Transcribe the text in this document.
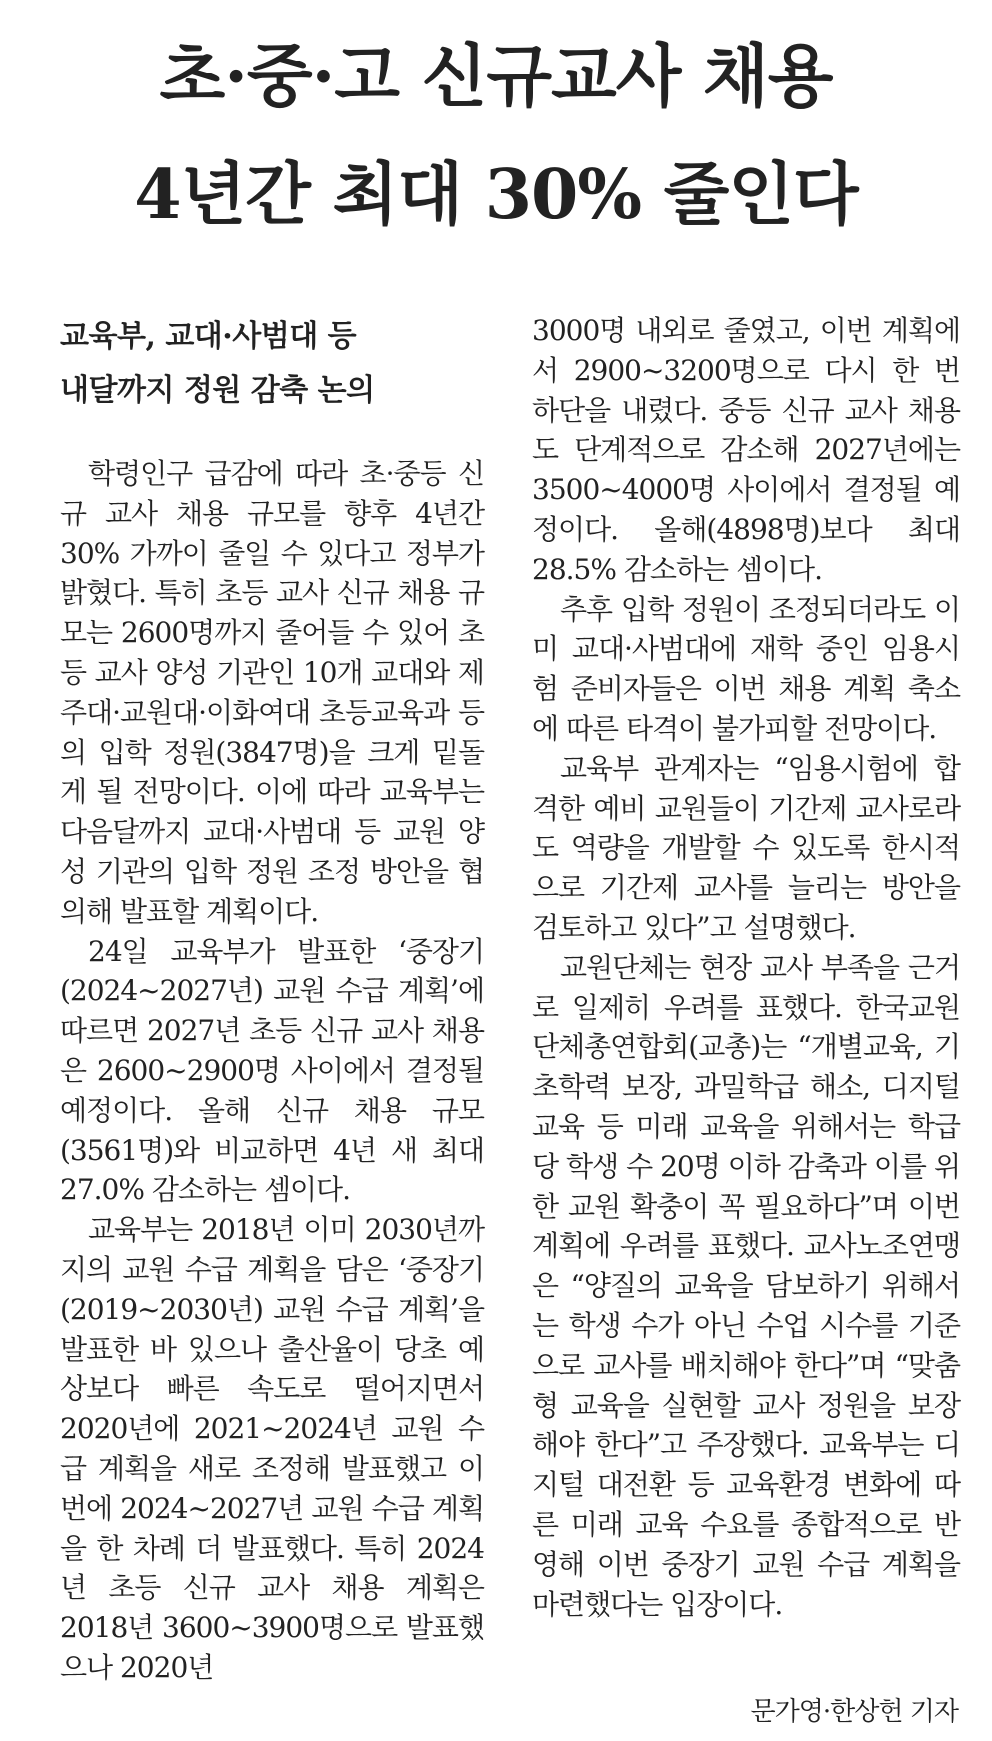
초·중·고 신규교사 채용
4년간 최대 30% 줄인다
교육부, 교대·사범대 등
내달까지 정원 감축 논의

학령인구 급감에 따라 초·중등 신규 교사 채용 규모를 향후 4년간 30% 가까이 줄일 수 있다고 정부가 밝혔다. 특히 초등 교사 신규 채용 규모는 2600명까지 줄어들 수 있어 초등 교사 양성 기관인 10개 교대와 제주대·교원대·이화여대 초등교육과 등의 입학 정원(3847명)을 크게 밑돌게 될 전망이다. 이에 따라 교육부는 다음달까지 교대·사범대 등 교원 양성 기관의 입학 정원 조정 방안을 협의해 발표할 계획이다.

24일 교육부가 발표한 ‘중장기(2024~2027년) 교원 수급 계획’에 따르면 2027년 초등 신규 교사 채용은 2600~2900명 사이에서 결정될 예정이다. 올해 신규 채용 규모(3561명)와 비교하면 4년 새 최대 27.0% 감소하는 셈이다.

교육부는 2018년 이미 2030년까지의 교원 수급 계획을 담은 ‘중장기(2019~2030년) 교원 수급 계획’을 발표한 바 있으나 출산율이 당초 예상보다 빠른 속도로 떨어지면서 2020년에 2021~2024년 교원 수급 계획을 새로 조정해 발표했고 이번에 2024~2027년 교원 수급 계획을 한 차례 더 발표했다. 특히 2024년 초등 신규 교사 채용 계획은 2018년 3600~3900명으로 발표했으나 2020년

3000명 내외로 줄였고, 이번 계획에서 2900~3200명으로 다시 한 번 하단을 내렸다. 중등 신규 교사 채용도 단계적으로 감소해 2027년에는 3500~4000명 사이에서 결정될 예정이다. 올해(4898명)보다 최대 28.5% 감소하는 셈이다.

추후 입학 정원이 조정되더라도 이미 교대·사범대에 재학 중인 임용시험 준비자들은 이번 채용 계획 축소에 따른 타격이 불가피할 전망이다.

교육부 관계자는 “임용시험에 합격한 예비 교원들이 기간제 교사로라도 역량을 개발할 수 있도록 한시적으로 기간제 교사를 늘리는 방안을 검토하고 있다”고 설명했다.

교원단체는 현장 교사 부족을 근거로 일제히 우려를 표했다. 한국교원단체총연합회(교총)는 “개별교육, 기초학력 보장, 과밀학급 해소, 디지털 교육 등 미래 교육을 위해서는 학급당 학생 수 20명 이하 감축과 이를 위한 교원 확충이 꼭 필요하다”며 이번 계획에 우려를 표했다. 교사노조연맹은 “양질의 교육을 담보하기 위해서는 학생 수가 아닌 수업 시수를 기준으로 교사를 배치해야 한다”며 “맞춤형 교육을 실현할 교사 정원을 보장해야 한다”고 주장했다. 교육부는 디지털 대전환 등 교육환경 변화에 따른 미래 교육 수요를 종합적으로 반영해 이번 중장기 교원 수급 계획을 마련했다는 입장이다.

문가영·한상헌 기자
